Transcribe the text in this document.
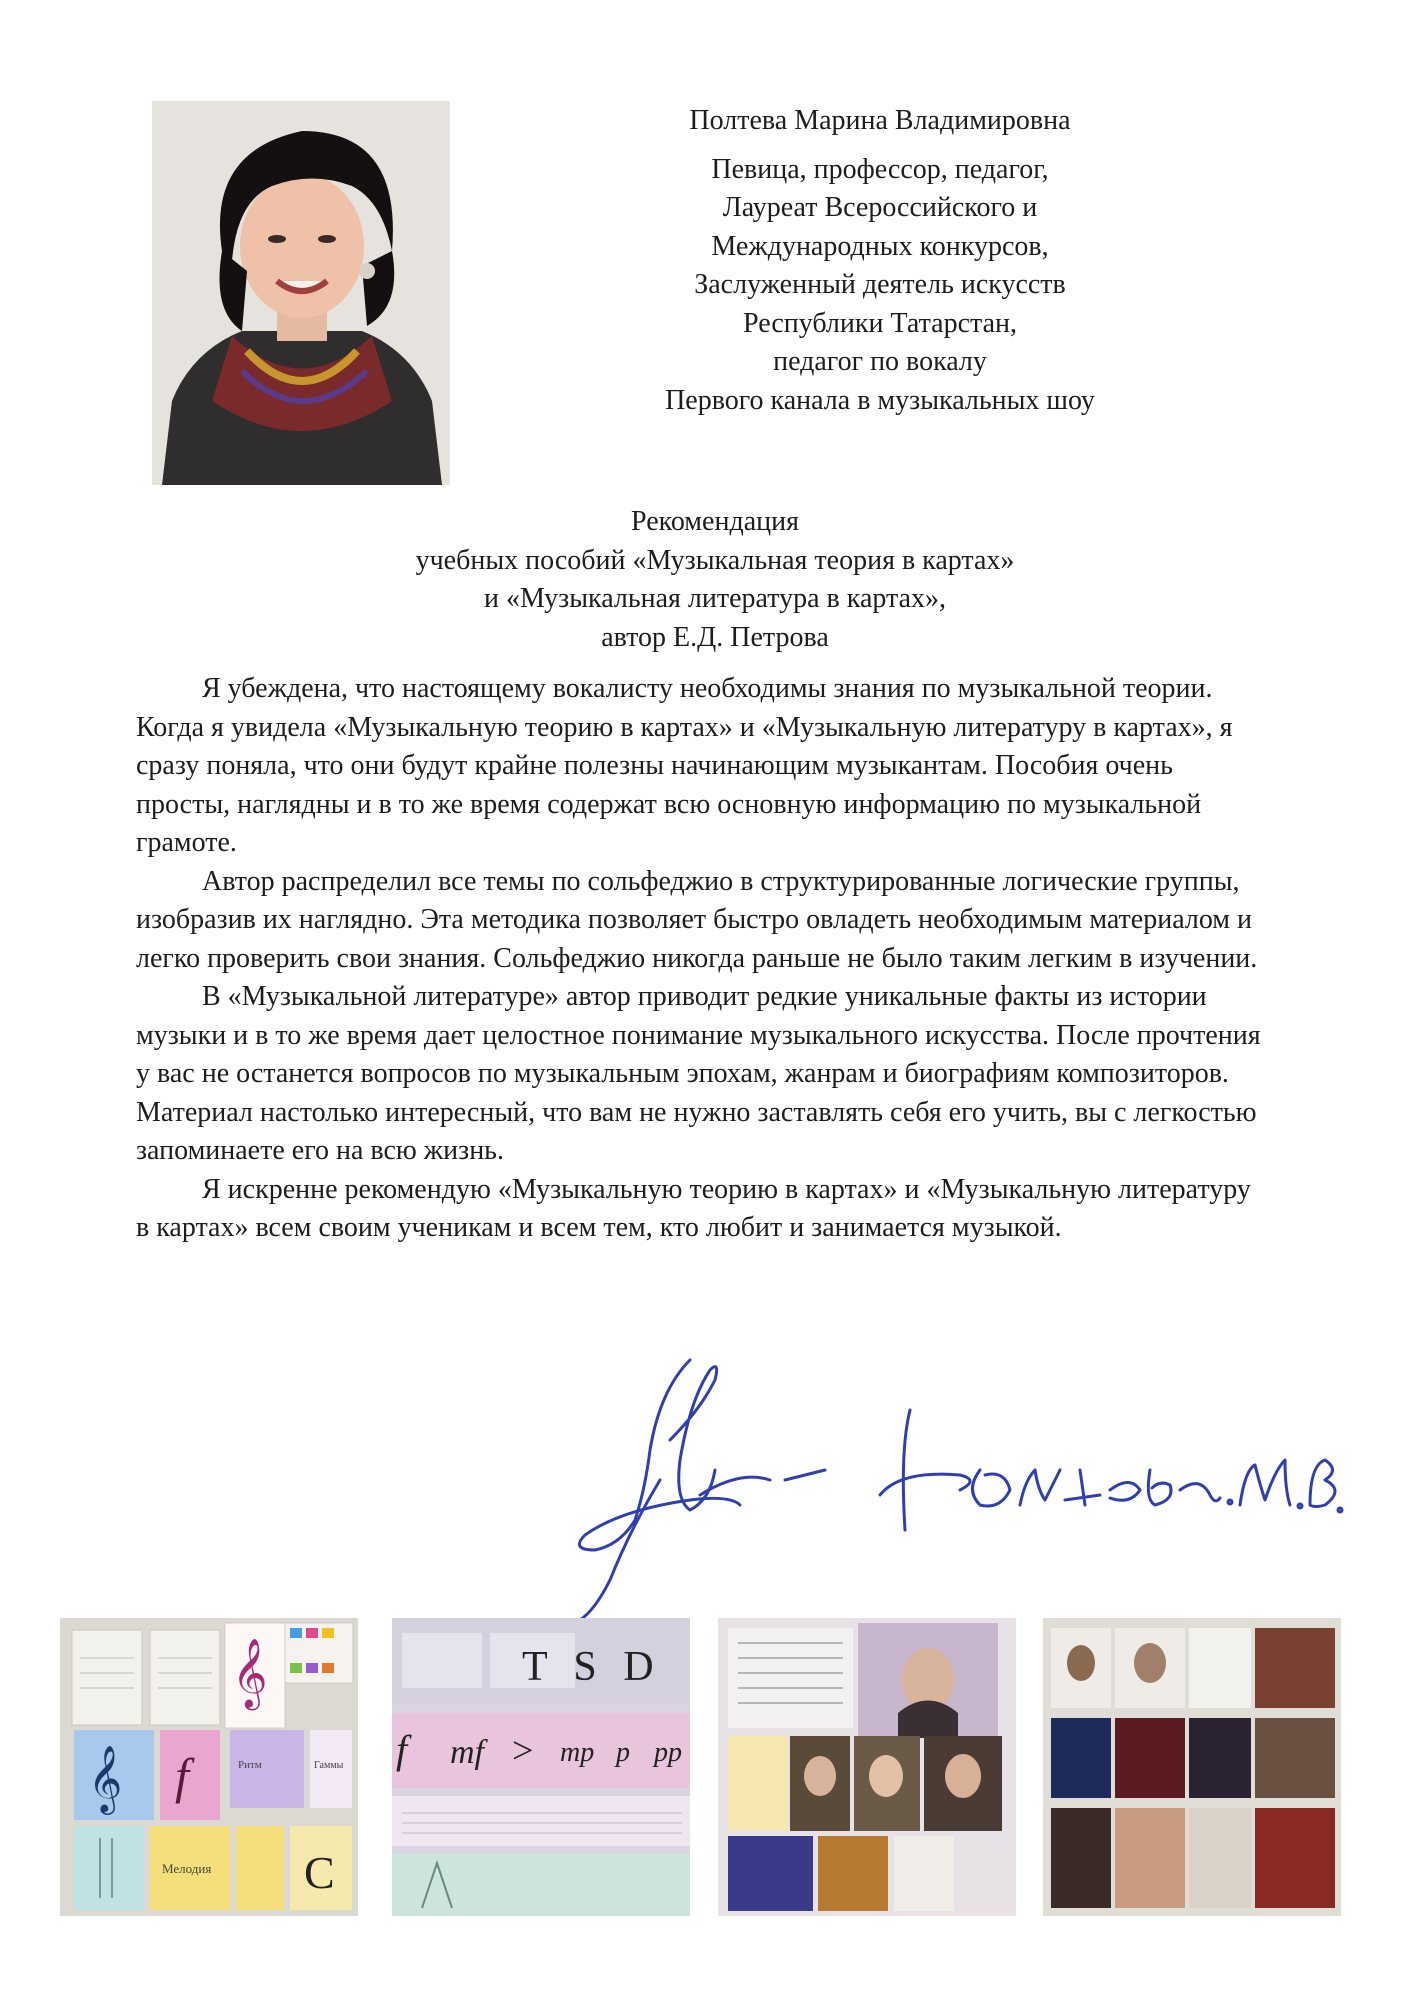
Полтева Марина Владимировна
Певица, профессор, педагог,
Лауреат Всероссийского и
Международных конкурсов,
Заслуженный деятель искусств
Республики Татарстан,
педагог по вокалу
Первого канала в музыкальных шоу
Рекомендация
учебных пособий «Музыкальная теория в картах»
и «Музыкальная литература в картах»,
автор Е.Д. Петрова

Я убеждена, что настоящему вокалисту необходимы знания по музыкальной теории. Когда я увидела «Музыкальную теорию в картах» и «Музыкальную литературу в картах», я сразу поняла, что они будут крайне полезны начинающим музыкантам. Пособия очень просты, наглядны и в то же время содержат всю основную информацию по музыкальной грамоте.

Автор распределил все темы по сольфеджио в структурированные логические группы, изобразив их наглядно. Эта методика позволяет быстро овладеть необходимым материалом и легко проверить свои знания. Сольфеджио никогда раньше не было таким легким в изучении.

В «Музыкальной литературе» автор приводит редкие уникальные факты из истории музыки и в то же время дает целостное понимание музыкального искусства. После прочтения у вас не останется вопросов по музыкальным эпохам, жанрам и биографиям композиторов. Материал настолько интересный, что вам не нужно заставлять себя его учить, вы с легкостью запоминаете его на всю жизнь.

Я искренне рекомендую «Музыкальную теорию в картах» и «Музыкальную литературу в картах» всем своим ученикам и всем тем, кто любит и занимается музыкой.

𝄞
𝄞 f
Мелодия C
Ритм	Гаммы
T S D
f mf > mp p pp
